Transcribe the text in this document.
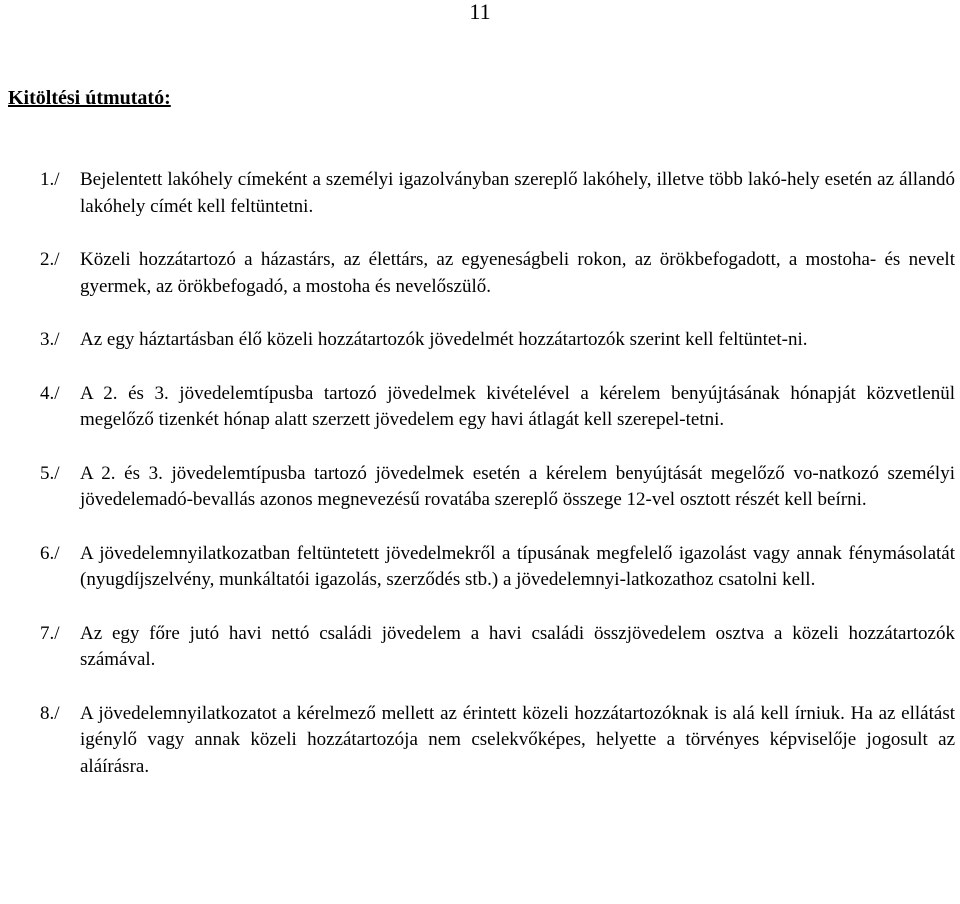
11
Kitöltési útmutató:
1./	Bejelentett lakóhely címeként a személyi igazolványban szereplő lakóhely, illetve több lakó-hely esetén az állandó lakóhely címét kell feltüntetni.
2./	Közeli hozzátartozó a házastárs, az élettárs, az egyeneságbeli rokon, az örökbefogadott, a mostoha- és nevelt gyermek, az örökbefogadó, a mostoha és nevelőszülő.
3./	Az egy háztartásban élő közeli hozzátartozók jövedelmét hozzátartozók szerint kell feltüntet-ni.
4./	A 2. és 3. jövedelemtípusba tartozó jövedelmek kivételével a kérelem benyújtásának hónapját közvetlenül megelőző tizenkét hónap alatt szerzett jövedelem egy havi átlagát kell szerepel-tetni.
5./	A 2. és 3. jövedelemtípusba tartozó jövedelmek esetén a kérelem benyújtását megelőző vo-natkozó személyi jövedelemadó-bevallás azonos megnevezésű rovatába szereplő összege 12-vel osztott részét kell beírni.
6./	A jövedelemnyilatkozatban feltüntetett jövedelmekről a típusának megfelelő igazolást vagy annak fénymásolatát (nyugdíjszelvény, munkáltatói igazolás, szerződés stb.) a jövedelemnyi-latkozathoz csatolni kell.
7./	Az egy főre jutó havi nettó családi jövedelem a havi családi összjövedelem osztva a közeli hozzátartozók számával.
8./	A jövedelemnyilatkozatot a kérelmező mellett az érintett közeli hozzátartozóknak is alá kell írniuk. Ha az ellátást igénylő vagy annak közeli hozzátartozója nem cselekvőképes, helyette a törvényes képviselője jogosult az aláírásra.
